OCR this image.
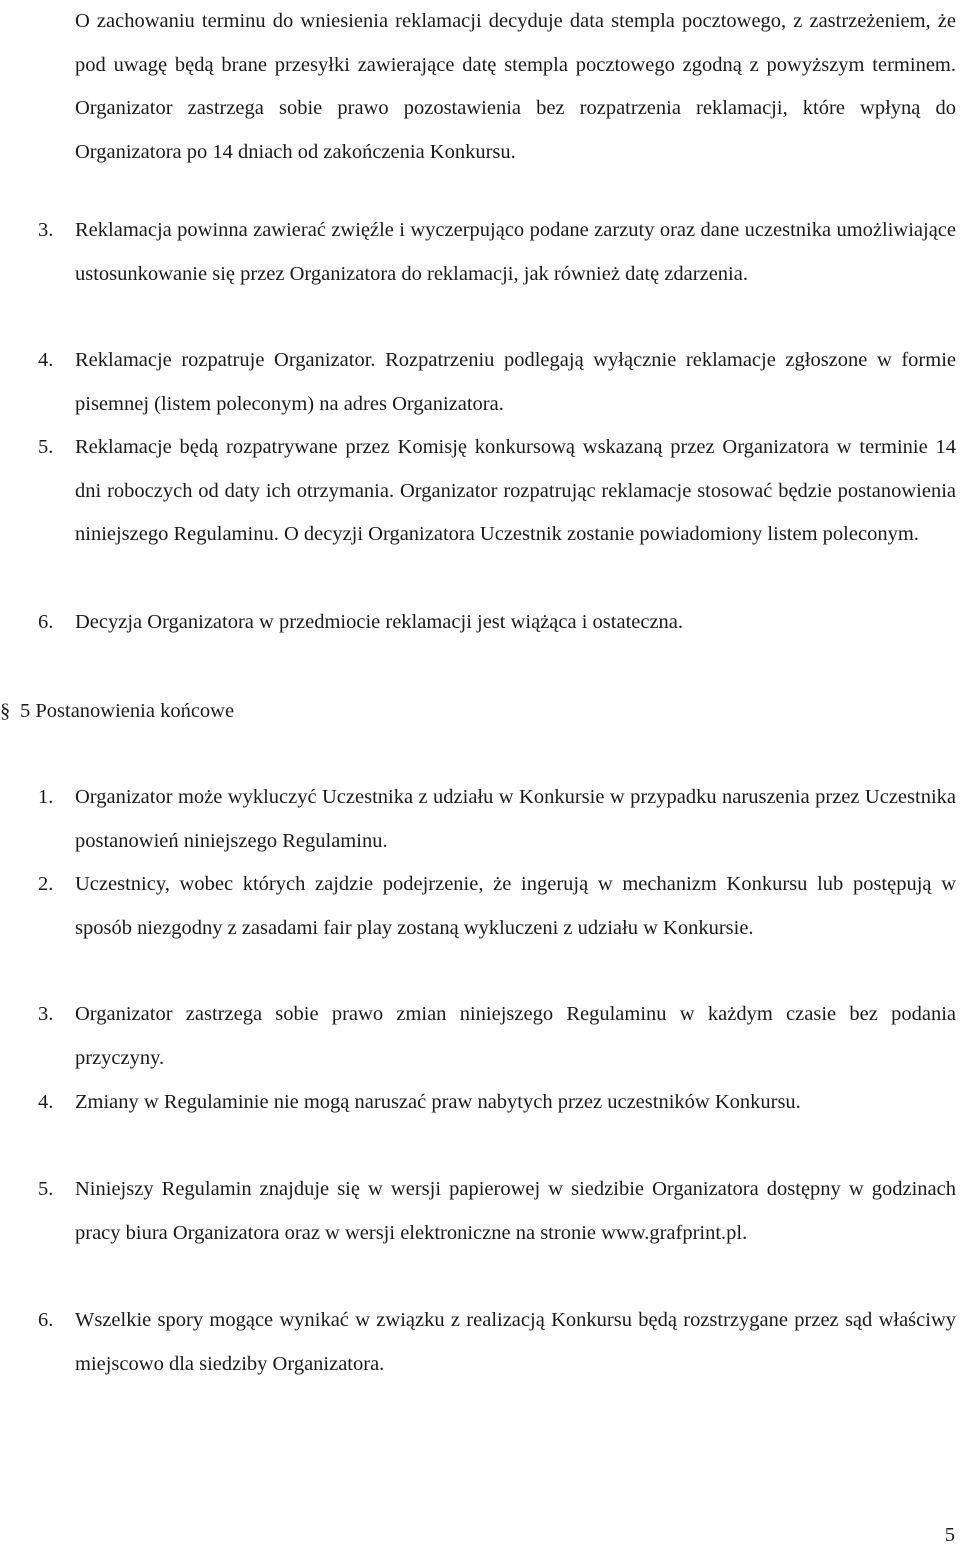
O zachowaniu terminu do wniesienia reklamacji decyduje data stempla pocztowego, z zastrzeżeniem, że pod uwagę będą brane przesyłki zawierające datę stempla pocztowego zgodną z powyższym terminem. Organizator zastrzega sobie prawo pozostawienia bez rozpatrzenia reklamacji, które wpłyną do Organizatora po 14 dniach od zakończenia Konkursu.

3.	Reklamacja powinna zawierać zwięźle i wyczerpująco podane zarzuty oraz dane uczestnika umożliwiające ustosunkowanie się przez Organizatora do reklamacji, jak również datę zdarzenia.
4.	Reklamacje rozpatruje Organizator. Rozpatrzeniu podlegają wyłącznie reklamacje zgłoszone w formie pisemnej (listem poleconym) na adres Organizatora.
5.	Reklamacje będą rozpatrywane przez Komisję konkursową wskazaną przez Organizatora w terminie 14 dni roboczych od daty ich otrzymania. Organizator rozpatrując reklamacje stosować będzie postanowienia niniejszego Regulaminu. O decyzji Organizatora Uczestnik zostanie powiadomiony listem poleconym.
6.	Decyzja Organizatora w przedmiocie reklamacji jest wiążąca i ostateczna.
§ 5 Postanowienia końcowe
1.	Organizator może wykluczyć Uczestnika z udziału w Konkursie w przypadku naruszenia przez Uczestnika postanowień niniejszego Regulaminu.
2.	Uczestnicy, wobec których zajdzie podejrzenie, że ingerują w mechanizm Konkursu lub postępują w sposób niezgodny z zasadami fair play zostaną wykluczeni z udziału w Konkursie.
3.	Organizator zastrzega sobie prawo zmian niniejszego Regulaminu w każdym czasie bez podania przyczyny.
4.	Zmiany w Regulaminie nie mogą naruszać praw nabytych przez uczestników Konkursu.
5.	Niniejszy Regulamin znajduje się w wersji papierowej w siedzibie Organizatora dostępny w godzinach pracy biura Organizatora oraz w wersji elektroniczne na stronie www.grafprint.pl.
6.	Wszelkie spory mogące wynikać w związku z realizacją Konkursu będą rozstrzygane przez sąd właściwy miejscowo dla siedziby Organizatora.
5
